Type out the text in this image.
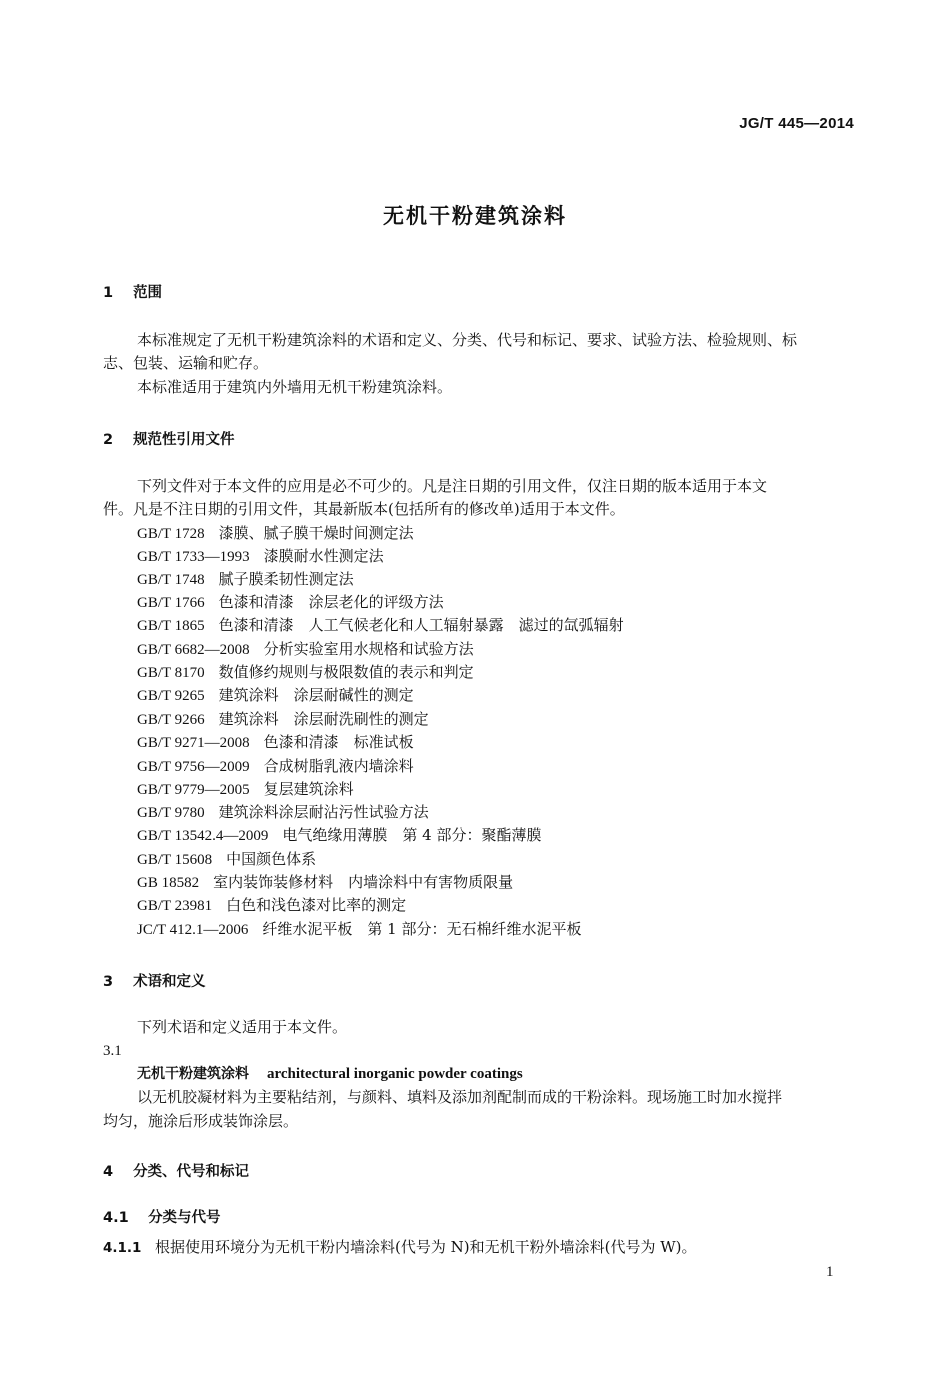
JG/T 445—2014
无机干粉建筑涂料
1 范围
本标准规定了无机干粉建筑涂料的术语和定义、分类、代号和标记、要求、试验方法、检验规则、标
志、包装、运输和贮存。
本标准适用于建筑内外墙用无机干粉建筑涂料。
2 规范性引用文件
下列文件对于本文件的应用是必不可少的。凡是注日期的引用文件，仅注日期的版本适用于本文
件。凡是不注日期的引用文件，其最新版本(包括所有的修改单)适用于本文件。
GB/T 1728 漆膜、腻子膜干燥时间测定法
GB/T 1733—1993 漆膜耐水性测定法
GB/T 1748 腻子膜柔韧性测定法
GB/T 1766 色漆和清漆　涂层老化的评级方法
GB/T 1865 色漆和清漆　人工气候老化和人工辐射暴露　滤过的氙弧辐射
GB/T 6682—2008 分析实验室用水规格和试验方法
GB/T 8170 数值修约规则与极限数值的表示和判定
GB/T 9265 建筑涂料　涂层耐碱性的测定
GB/T 9266 建筑涂料　涂层耐洗刷性的测定
GB/T 9271—2008 色漆和清漆　标准试板
GB/T 9756—2009 合成树脂乳液内墙涂料
GB/T 9779—2005 复层建筑涂料
GB/T 9780 建筑涂料涂层耐沾污性试验方法
GB/T 13542.4—2009 电气绝缘用薄膜　第 4 部分：聚酯薄膜
GB/T 15608 中国颜色体系
GB 18582 室内装饰装修材料　内墙涂料中有害物质限量
GB/T 23981 白色和浅色漆对比率的测定
JC/T 412.1—2006 纤维水泥平板　第 1 部分：无石棉纤维水泥平板
3 术语和定义
下列术语和定义适用于本文件。
3.1
无机干粉建筑涂料 architectural inorganic powder coatings
以无机胶凝材料为主要粘结剂，与颜料、填料及添加剂配制而成的干粉涂料。现场施工时加水搅拌
均匀，施涂后形成装饰涂层。
4 分类、代号和标记
4.1 分类与代号
4.1.1 根据使用环境分为无机干粉内墙涂料(代号为 N)和无机干粉外墙涂料(代号为 W)。
1
